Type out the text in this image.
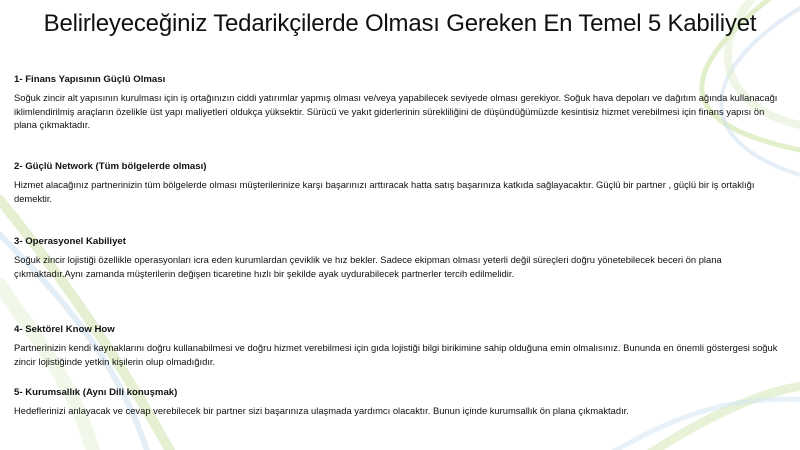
Belirleyeceğiniz Tedarikçilerde Olması Gereken En Temel 5 Kabiliyet

1- Finans Yapısının Güçlü Olması

Soğuk zincir alt yapısının kurulması için iş ortağınızın ciddi yatırımlar yapmış olması ve/veya yapabilecek seviyede olması gerekiyor. Soğuk hava depoları ve dağıtım ağında kullanacağı iklimlendirilmiş araçların özelikle üst yapı maliyetleri oldukça yüksektir. Sürücü ve yakıt giderlerinin sürekliliğini de düşündüğümüzde kesintisiz hizmet verebilmesi için finans yapısı ön plana çıkmaktadır.

2- Güçlü Network (Tüm bölgelerde olması)

Hizmet alacağınız partnerinizin tüm bölgelerde olması müşterilerinize karşı başarınızı arttıracak hatta satış başarınıza katkıda sağlayacaktır. Güçlü bir partner , güçlü bir iş ortaklığı demektir.

3- Operasyonel Kabiliyet

Soğuk zincir lojistiği özellikle operasyonları icra eden kurumlardan çeviklik ve hız bekler. Sadece ekipman olması yeterli değil süreçleri doğru yönetebilecek beceri ön plana çıkmaktadır.Aynı zamanda müşterilerin değişen ticaretine hızlı bir şekilde ayak uydurabilecek partnerler tercih edilmelidir.

4- Sektörel Know How

Partnerinizin kendi kaynaklarını doğru kullanabilmesi ve doğru hizmet verebilmesi için gıda lojistiği bilgi birikimine sahip olduğuna emin olmalısınız. Bununda en önemli göstergesi soğuk zincir lojistiğinde yetkin kişilerin olup olmadığıdır.

5- Kurumsallık (Aynı Dili konuşmak)

Hedeflerinizi anlayacak ve cevap verebilecek bir partner sizi başarınıza ulaşmada yardımcı olacaktır. Bunun içinde kurumsallık ön plana çıkmaktadır.
